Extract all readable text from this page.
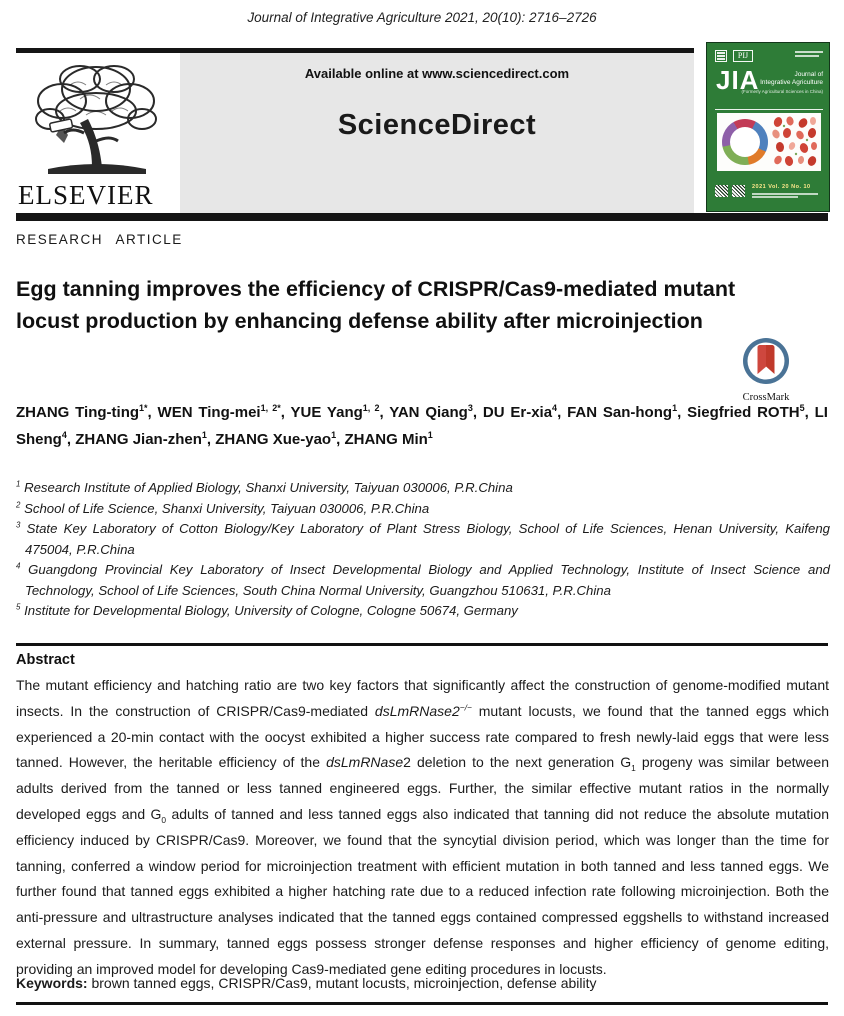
Journal of Integrative Agriculture 2021, 20(10): 2716–2726
ELSEVIER
Available online at www.sciencedirect.com
ScienceDirect
PIJ
JIA	Journal of
Integrative Agriculture
(Formerly Agricultural Sciences in China)
2021 Vol. 20 No. 10
RESEARCH ARTICLE
Egg tanning improves the efficiency of CRISPR/Cas9-mediated mutant locust production by enhancing defense ability after microinjection
CrossMark
ZHANG Ting-ting$^{1*}$, WEN Ting-mei$^{1, 2*}$, YUE Yang$^{1, 2}$, YAN Qiang$^3$, DU Er-xia$^4$, FAN San-hong$^1$, Siegfried ROTH$^5$, LI Sheng$^4$, ZHANG Jian-zhen$^1$, ZHANG Xue-yao$^1$, ZHANG Min$^1$
$^1$ Research Institute of Applied Biology, Shanxi University, Taiyuan 030006, P.R.China
$^2$ School of Life Science, Shanxi University, Taiyuan 030006, P.R.China
$^3$ State Key Laboratory of Cotton Biology/Key Laboratory of Plant Stress Biology, School of Life Sciences, Henan University, Kaifeng 475004, P.R.China
$^4$ Guangdong Provincial Key Laboratory of Insect Developmental Biology and Applied Technology, Institute of Insect Science and Technology, School of Life Sciences, South China Normal University, Guangzhou 510631, P.R.China
$^5$ Institute for Developmental Biology, University of Cologne, Cologne 50674, Germany
Abstract
The mutant efficiency and hatching ratio are two key factors that significantly affect the construction of genome-modified mutant insects. In the construction of CRISPR/Cas9-mediated dsLmRNase2−/− mutant locusts, we found that the tanned eggs which experienced a 20-min contact with the oocyst exhibited a higher success rate compared to fresh newly-laid eggs that were less tanned. However, the heritable efficiency of the dsLmRNase2 deletion to the next generation $G_1$ progeny was similar between adults derived from the tanned or less tanned engineered eggs. Further, the similar effective mutant ratios in the normally developed eggs and $G_0$ adults of tanned and less tanned eggs also indicated that tanning did not reduce the absolute mutation efficiency induced by CRISPR/Cas9. Moreover, we found that the syncytial division period, which was longer than the time for tanning, conferred a window period for microinjection treatment with efficient mutation in both tanned and less tanned eggs. We further found that tanned eggs exhibited a higher hatching rate due to a reduced infection rate following microinjection. Both the anti-pressure and ultrastructure analyses indicated that the tanned eggs contained compressed eggshells to withstand increased external pressure. In summary, tanned eggs possess stronger defense responses and higher efficiency of genome editing, providing an improved model for developing Cas9-mediated gene editing procedures in locusts.
Keywords: brown tanned eggs, CRISPR/Cas9, mutant locusts, microinjection, defense ability
